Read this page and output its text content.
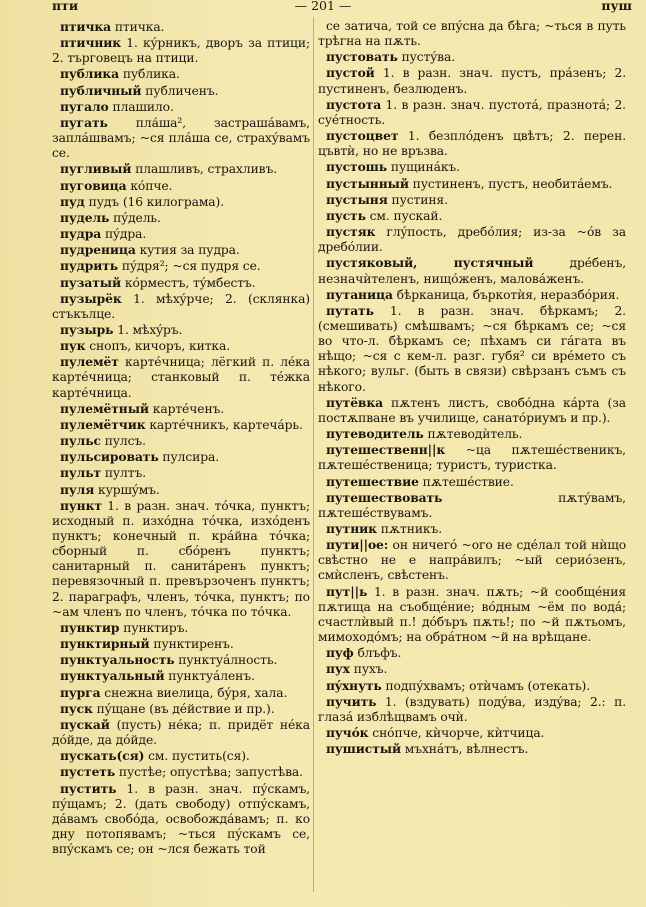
пти	— 201 —	пуш

птичка птичка.

птичник 1. кýрникъ, дворъ за птици; 2. търговецъ на птици.

публика публика.

публичный публиченъ.

пугало плашило.

пугать пла́ша², застрашáвамъ, заплáшвамъ; ~ся плáша се, страхýвамъ се.

пугливый плашливъ, страхливъ.

пуговица кóпче.

пуд пудъ (16 килограма).

пудель пýдель.

пудра пýдра.

пудреница кутия за пудра.

пудрить пýдря²; ~ся пудря се.

пузатый кóрместъ, тýмбестъ.

пузырёк 1. мѣхýрче; 2. (склянка) стъкълце.

пузырь 1. мѣхýръ.

пук снопъ, кичоръ, китка.

пулемёт картéчница; лёгкий п. лéка картéчница; станковый п. тéжка картéчница.

пулемётный картéченъ.

пулемётчик картéчникъ, картечáрь.

пульс пулсъ.

пульсировать пулсира.

пульт пултъ.

пуля куршýмъ.

пункт 1. в разн. знач. тóчка, пунктъ; исходный п. изхóдна тóчка, изхóденъ пунктъ; конечный п. крáйна тóчка; сборный п. сбóренъ пунктъ; санитарный п. санитáренъ пунктъ; перевязочный п. превързоченъ пунктъ; 2. параграфъ, членъ, тóчка, пунктъ; по ~ам членъ по членъ, тóчка по тóчка.

пунктир пунктиръ.

пунктирный пунктиренъ.

пунктуальность пунктуáлность.

пунктуальный пунктуáленъ.

пурга снежна виелица, бýря, хала.

пуск пýщане (въ дéйствие и пр.).

пускай (пусть) нéка; п. придёт нéка дóйде, да дóйде.

пускать(ся) см. пустить(ся).

пустеть пустѣе; опустѣва; запустѣва.

пустить 1. в разн. знач. пýскамъ, пýщамъ; 2. (дать свободу) отпýскамъ, дáвамъ свобóда, освобождáвамъ; п. ко дну потопявамъ; ~ться пýскамъ се, впýскамъ се; он ~лся бежать той

се затича, той се впýсна да бѣга; ~ться в путь трѣгна на пѫть.

пустовать пустýва.

пустой 1. в разн. знач. пустъ, прáзенъ; 2. пустиненъ, безлюденъ.

пустота 1. в разн. знач. пустотá, празнотá; 2. суéтность.

пустоцвет 1. безплóденъ цвѣтъ; 2. перен. цъвтѝ, но не връзва.

пустошь пущинáкъ.

пустынный пустиненъ, пустъ, необитáемъ.

пустыня пустиня.

пусть см. пускай.

пустяк глýпость, дребóлия; из-за ~óв за дребóлии.

пустяковый, пустячный	дрéбенъ, незначѝтеленъ, нищóженъ, маловáженъ.

путаница бѣрканица, бъркотѝя, неразбóрия.

путать 1. в разн. знач. бѣркамъ; 2. (смешивать) смѣшвамъ; ~ся бѣркамъ се; ~ся во что-л. бѣркамъ се; пѣхамъ си гáгата въ нѣщо; ~ся с кем-л. разг. губя² си врéмето съ нѣкого; вульг. (быть в связи) свѣрзанъ съмъ съ нѣкого.

путёвка пѫтенъ листъ, свобóдна кáрта (за постѫпване въ училище, санатóриумъ и пр.).

путеводитель пѫтеводѝтель.

путешественн||к ~ца пѫтешéственикъ, пѫтешéственица; туристъ, туристка.

путешествие пѫтешéствие.

путешествовать	пѫтýвамъ, пѫтешéствувамъ.

путник пѫтникъ.

пути||ое: он ничегó ~ого не сдéлал той нѝщо свѣстно не е напрáвилъ; ~ый сериóзенъ, смѝсленъ, свѣстенъ.

пут||ь 1. в разн. знач. пѫть; ~й сообщéния пѫтища на съобщéние; вóдным ~ём по водá; счастлѝвый п.! дóбъръ пѫть!; по ~й пѫтьомъ, мимоходóмъ; на обрáтном ~й на врѣщане.

пуф блъфъ.

пух пухъ.

пýхнуть подпýхвамъ; отѝчамъ (отекать).

пучить 1. (вздувать) подýва, издýва; 2.: п. глазá изблѣщвамъ очѝ.

пучóк снóпче, кѝчорче, кѝтчица.

пушистый мъхнáтъ, вѣлнестъ.
